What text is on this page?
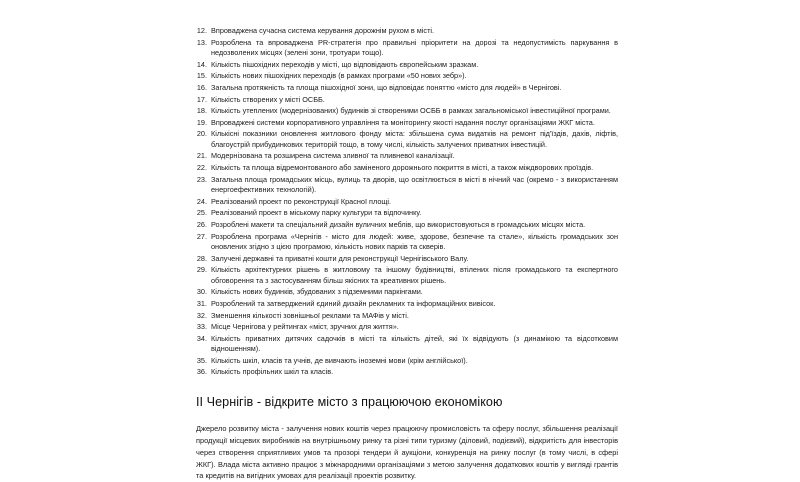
12. Впроваджена сучасна система керування дорожнім рухом в місті.
13. Розроблена та впроваджена PR-стратегія про правильні пріоритети на дорозі та недопустимість паркування в недозволених місцях (зелені зони, тротуари тощо).
14. Кількість пішохідних переходів у місті, що відповідають європейським зразкам.
15. Кількість нових пішохідних переходів (в рамках програми «50 нових зебр»).
16. Загальна протяжність та площа пішохідної зони, що відповідає поняттю «місто для людей» в Чернігові.
17. Кількість створених у місті ОСББ.
18. Кількість утеплених (модернізованих) будинків зі створеними ОСББ в рамках загальноміської інвестиційної програми.
19. Впроваджені системи корпоративного управління та моніторингу якості надання послуг організаціями ЖКГ міста.
20. Кількісні показники оновлення житлового фонду міста: збільшена сума видатків на ремонт під'їздів, дахів, ліфтів, благоустрій прибудинкових територій тощо, в тому числі, кількість залучених приватних інвестицій.
21. Модернізована та розширена система зливної та пливневої каналізації.
22. Кількість та площа відремонтованого або заміненого дорожнього покриття в місті, а також міждворових проїздів.
23. Загальна площа громадських місць, вулиць та дворів, що освітлюється в місті в нічний час (окремо - з використанням енергоефективних технологій).
24. Реалізований проект по реконструкції Красної площі.
25. Реалізований проект в міському парку культури та відпочинку.
26. Розроблені макети та спеціальний дизайн вуличних меблів, що використовуються в громадських місцях міста.
27. Розроблена програма «Чернігів - місто для людей: живе, здорове, безпечне та стале», кількість громадських зон оновлених згідно з цією програмою, кількість нових парків та скверів.
28. Залучені державні та приватні кошти для реконструкції Чернігівського Валу.
29. Кількість архітектурних рішень в житловому та іншому будівництві, втілених після громадського та експертного обговорення та з застосуванням більш якісних та креативних рішень.
30. Кількість нових будинків, збудованих з підземними паркінгами.
31. Розроблений та затверджений єдиний дизайн рекламних та інформаційних вивісок.
32. Зменшення кількості зовнішньої реклами та МАФів у місті.
33. Місце Чернігова у рейтингах «міст, зручних для життя».
34. Кількість приватних дитячих садочків в місті та кількість дітей, які їх відвідують (з динамікою та відсотковим відношенням).
35. Кількість шкіл, класів та учнів, де вивчають іноземні мови (крім англійської).
36. Кількість профільних шкіл та класів.
II Чернігів - відкрите місто з працюючою економікою

Джерело розвитку міста - залучення нових коштів через працюючу промисловість та сферу послуг, збільшення реалізації продукції місцевих виробників на внутрішньому ринку та різні типи туризму (діловий, подієвий), відкритість для інвесторів через створення сприятливих умов та прозорі тендери й аукціони, конкуренція на ринку послуг (в тому числі, в сфері ЖКГ). Влада міста активно працює з міжнародними організаціями з метою залучення додаткових коштів у вигляді грантів та кредитів на вигідних умовах для реалізації проектів розвитку.
